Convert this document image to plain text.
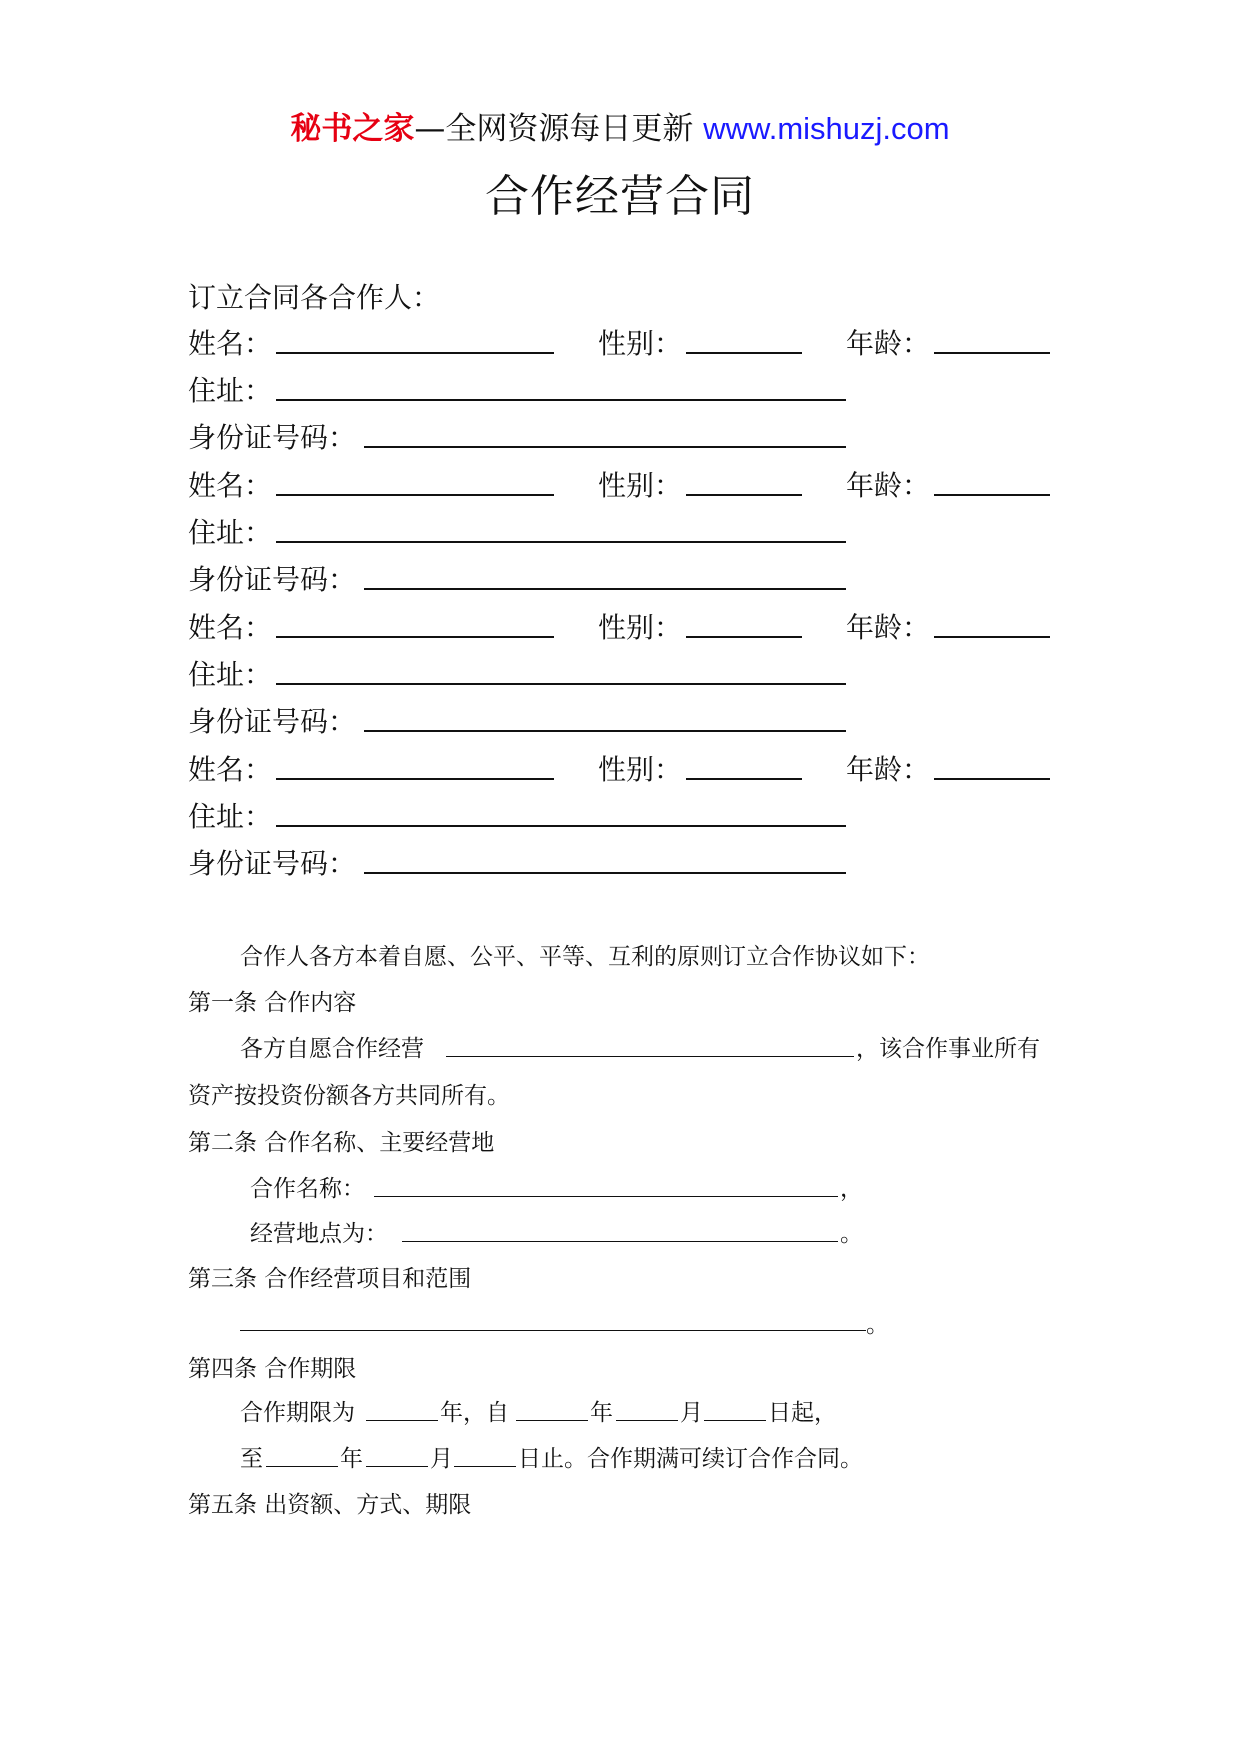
秘书之家—全网资源每日更新 www.mishuzj.com
合作经营合同
订立合同各合作人：
姓名：	性别：	年龄：
住址：
身份证号码：
姓名：	性别：	年龄：
住址：
身份证号码：
姓名：	性别：	年龄：
住址：
身份证号码：
姓名：	性别：	年龄：
住址：
身份证号码：
合作人各方本着自愿、公平、平等、互利的原则订立合作协议如下：
第一条 合作内容
各方自愿合作经营	，该合作事业所有
资产按投资份额各方共同所有。
第二条 合作名称、主要经营地
合作名称：	，
经营地点为：	。
第三条 合作经营项目和范围
。
第四条 合作期限
合作期限为	年，自	年	月	日起，
至	年	月	日止。合作期满可续订合作合同。
第五条 出资额、方式、期限
